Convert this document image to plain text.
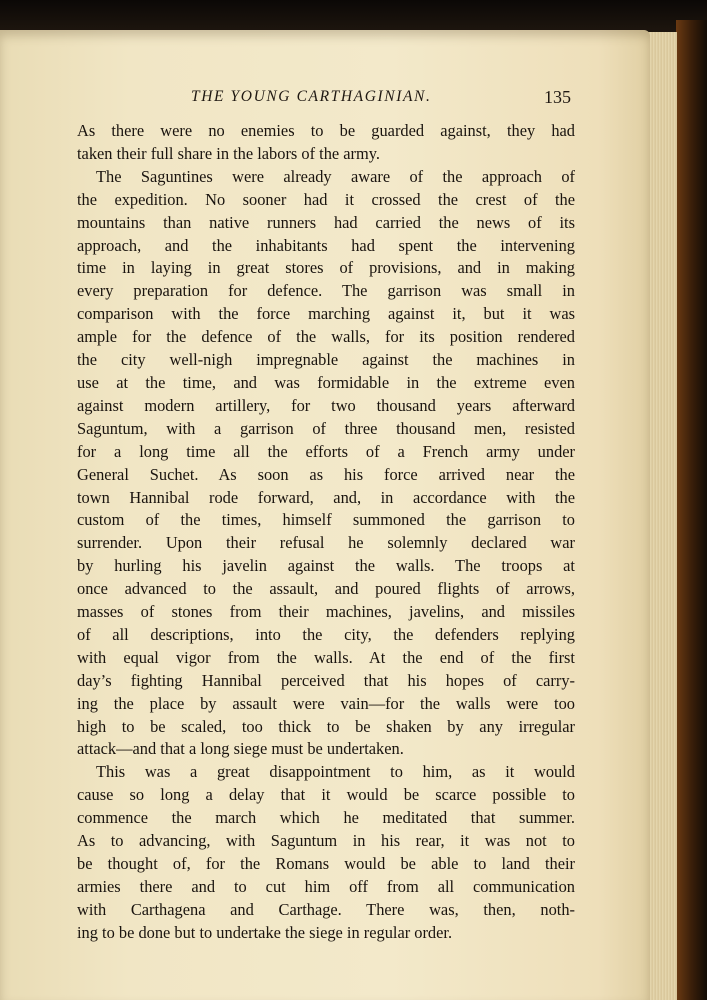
THE YOUNG CARTHAGINIAN.	135
As there were no enemies to be guarded against, they had
taken their full share in the labors of the army.
The Saguntines were already aware of the approach of
the expedition. No sooner had it crossed the crest of the
mountains than native runners had carried the news of its
approach, and the inhabitants had spent the intervening
time in laying in great stores of provisions, and in making
every preparation for defence. The garrison was small in
comparison with the force marching against it, but it was
ample for the defence of the walls, for its position rendered
the city well-nigh impregnable against the machines in
use at the time, and was formidable in the extreme even
against modern artillery, for two thousand years afterward
Saguntum, with a garrison of three thousand men, resisted
for a long time all the efforts of a French army under
General Suchet. As soon as his force arrived near the
town Hannibal rode forward, and, in accordance with the
custom of the times, himself summoned the garrison to
surrender. Upon their refusal he solemnly declared war
by hurling his javelin against the walls. The troops at
once advanced to the assault, and poured flights of arrows,
masses of stones from their machines, javelins, and missiles
of all descriptions, into the city, the defenders replying
with equal vigor from the walls. At the end of the first
day’s fighting Hannibal perceived that his hopes of carry-
ing the place by assault were vain—for the walls were too
high to be scaled, too thick to be shaken by any irregular
attack—and that a long siege must be undertaken.
This was a great disappointment to him, as it would
cause so long a delay that it would be scarce possible to
commence the march which he meditated that summer.
As to advancing, with Saguntum in his rear, it was not to
be thought of, for the Romans would be able to land their
armies there and to cut him off from all communication
with Carthagena and Carthage. There was, then, noth-
ing to be done but to undertake the siege in regular order.
